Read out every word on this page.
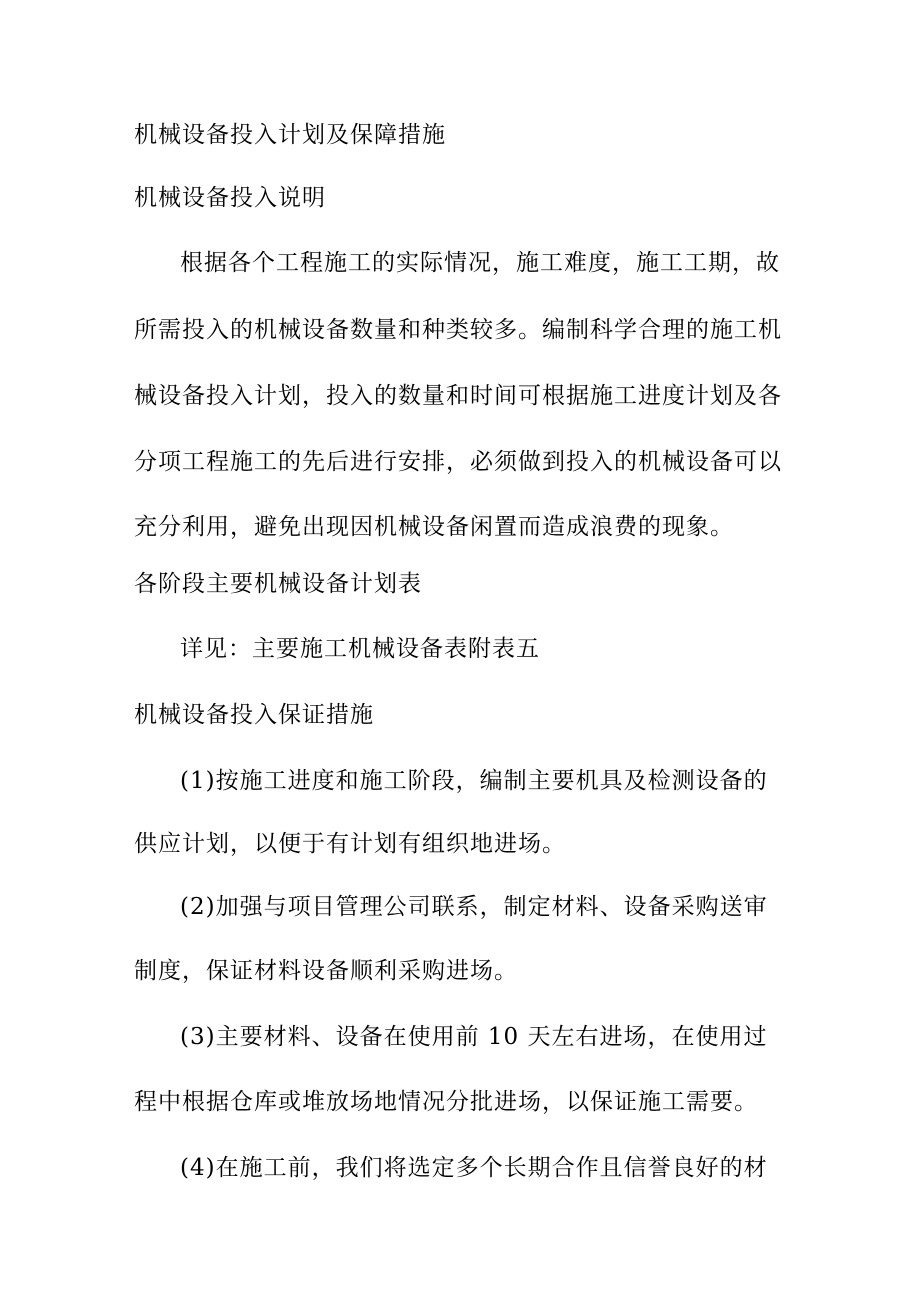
机械设备投入计划及保障措施
机械设备投入说明
根据各个工程施工的实际情况，施工难度，施工工期，故
所需投入的机械设备数量和种类较多。编制科学合理的施工机
械设备投入计划，投入的数量和时间可根据施工进度计划及各
分项工程施工的先后进行安排，必须做到投入的机械设备可以
充分利用，避免出现因机械设备闲置而造成浪费的现象。
各阶段主要机械设备计划表
详见：主要施工机械设备表附表五
机械设备投入保证措施
(1)按施工进度和施工阶段，编制主要机具及检测设备的
供应计划，以便于有计划有组织地进场。
(2)加强与项目管理公司联系，制定材料、设备采购送审
制度，保证材料设备顺利采购进场。
(3)主要材料、设备在使用前 10 天左右进场，在使用过
程中根据仓库或堆放场地情况分批进场，以保证施工需要。
(4)在施工前，我们将选定多个长期合作且信誉良好的材
